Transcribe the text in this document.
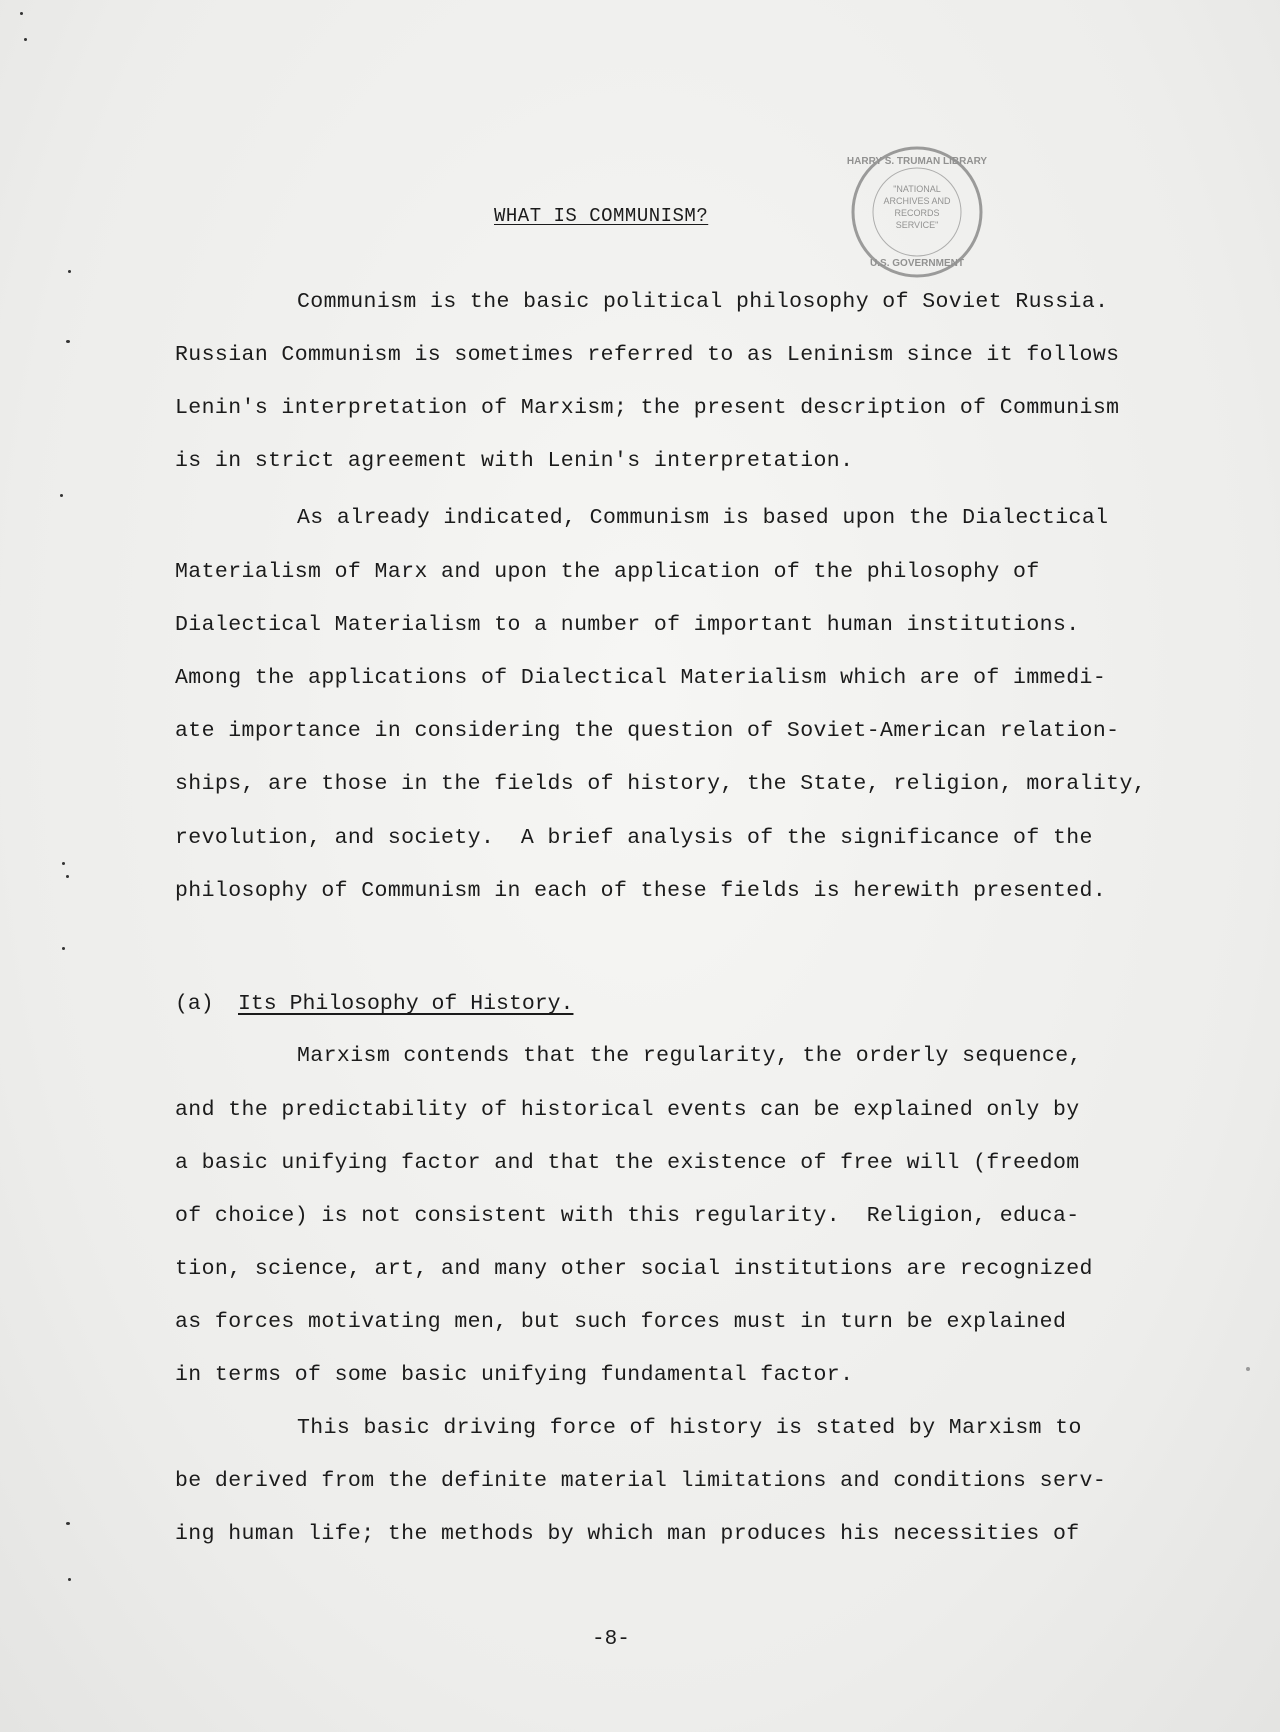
HARRY S. TRUMAN LIBRARY
"NATIONAL
ARCHIVES AND
RECORDS
SERVICE"
U.S. GOVERNMENT
WHAT IS COMMUNISM?
Communism is the basic political philosophy of Soviet Russia.
Russian Communism is sometimes referred to as Leninism since it follows
Lenin's interpretation of Marxism; the present description of Communism
is in strict agreement with Lenin's interpretation.
As already indicated, Communism is based upon the Dialectical
Materialism of Marx and upon the application of the philosophy of
Dialectical Materialism to a number of important human institutions.
Among the applications of Dialectical Materialism which are of immedi-
ate importance in considering the question of Soviet-American relation-
ships, are those in the fields of history, the State, religion, morality,
revolution, and society.  A brief analysis of the significance of the
philosophy of Communism in each of these fields is herewith presented.
(a) Its Philosophy of History.
Marxism contends that the regularity, the orderly sequence,
and the predictability of historical events can be explained only by
a basic unifying factor and that the existence of free will (freedom
of choice) is not consistent with this regularity.  Religion, educa-
tion, science, art, and many other social institutions are recognized
as forces motivating men, but such forces must in turn be explained
in terms of some basic unifying fundamental factor.
This basic driving force of history is stated by Marxism to
be derived from the definite material limitations and conditions serv-
ing human life; the methods by which man produces his necessities of
-8-
